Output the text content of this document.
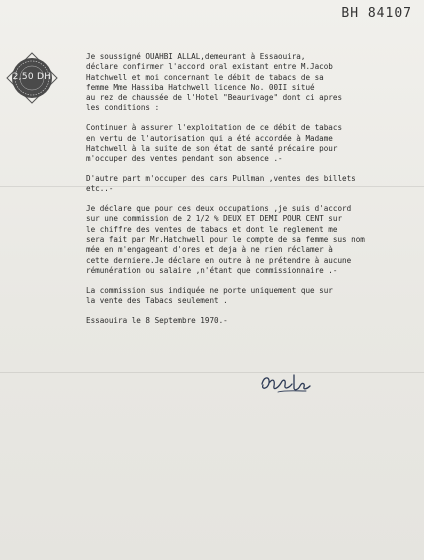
BH 84107
2,50 DH

Je soussigné OUAHBI ALLAL,demeurant à Essaouira,
déclare confirmer l'accord oral existant entre M.Jacob
Hatchwell et moi concernant le débit de tabacs de sa
femme Mme Hassiba Hatchwell licence No. 00II situé
au rez de chaussée de l'Hotel "Beaurivage" dont ci apres
les conditions :

Continuer à assurer l'exploitation de ce débit de tabacs
en vertu de l'autorisation qui a été accordée à Madame
Hatchwell à la suite de son état de santé précaire pour
m'occuper des ventes pendant son absence .-

D'autre part m'occuper des cars Pullman ,ventes des billets
etc..-

Je déclare que pour ces deux occupations ,je suis d'accord
sur une commission de 2 1/2 % DEUX ET DEMI POUR CENT sur
le chiffre des ventes de tabacs et dont le reglement me
sera fait par Mr.Hatchwell pour le compte de sa femme sus nom
mée en m'engageant d'ores et deja à ne rien réclamer à
cette derniere.Je déclare en outre à ne prétendre à aucune
rémunération ou salaire ,n'étant que commissionnaire .-

La commission sus indiquée ne porte uniquement que sur
la vente des Tabacs seulement .

Essaouira le 8 Septembre 1970.-
